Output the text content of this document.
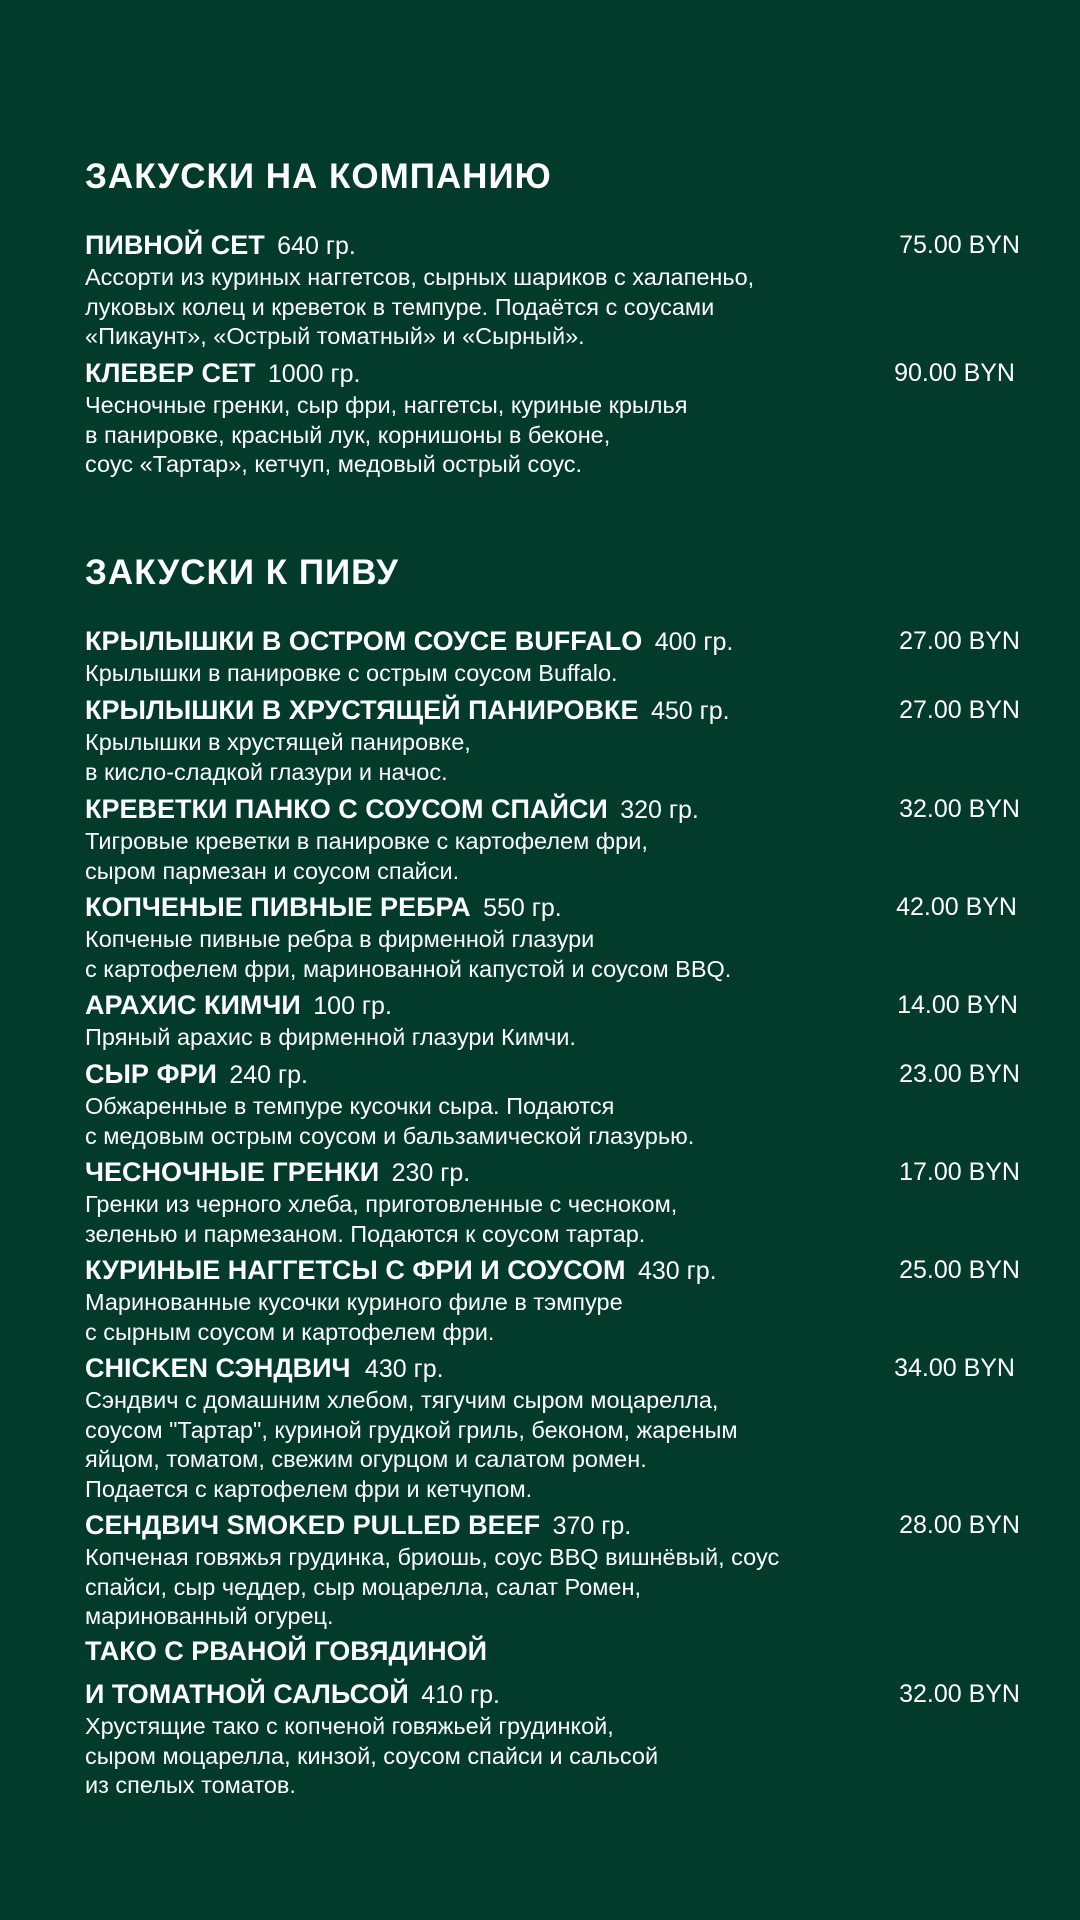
ЗАКУСКИ НА КОМПАНИЮ
ПИВНОЙ СЕТ 640 гр.	75.00 BYN
Ассорти из куриных наггетсов, сырных шариков с халапеньо,
луковых колец и креветок в темпуре. Подаётся с соусами
«Пикаунт», «Острый томатный» и «Сырный».
КЛЕВЕР СЕТ 1000 гр.	90.00 BYN
Чесночные гренки, сыр фри, наггетсы, куриные крылья
в панировке, красный лук, корнишоны в беконе,
соус «Тартар», кетчуп, медовый острый соус.
ЗАКУСКИ К ПИВУ
КРЫЛЫШКИ В ОСТРОМ СОУСЕ BUFFALO 400 гр.	27.00 BYN
Крылышки в панировке с острым соусом Buffalo.
КРЫЛЫШКИ В ХРУСТЯЩЕЙ ПАНИРОВКЕ 450 гр.	27.00 BYN
Крылышки в хрустящей панировке,
в кисло-сладкой глазури и начос.
КРЕВЕТКИ ПАНКО С СОУСОМ СПАЙСИ 320 гр.	32.00 BYN
Тигровые креветки в панировке с картофелем фри,
сыром пармезан и соусом спайси.
КОПЧЕНЫЕ ПИВНЫЕ РЕБРА 550 гр.	42.00 BYN
Копченые пивные ребра в фирменной глазури
с картофелем фри, маринованной капустой и соусом BBQ.
АРАХИС КИМЧИ 100 гр.	14.00 BYN
Пряный арахис в фирменной глазури Кимчи.
СЫР ФРИ 240 гр.	23.00 BYN
Обжаренные в темпуре кусочки сыра. Подаются
с медовым острым соусом и бальзамической глазурью.
ЧЕСНОЧНЫЕ ГРЕНКИ 230 гр.	17.00 BYN
Гренки из черного хлеба, приготовленные с чесноком,
зеленью и пармезаном. Подаются к соусом тартар.
КУРИНЫЕ НАГГЕТСЫ С ФРИ И СОУСОМ 430 гр.	25.00 BYN
Маринованные кусочки куриного филе в тэмпуре
с сырным соусом и картофелем фри.
CHICKEN СЭНДВИЧ 430 гр.	34.00 BYN
Сэндвич с домашним хлебом, тягучим сыром моцарелла,
соусом "Тартар", куриной грудкой гриль, беконом, жареным
яйцом, томатом, свежим огурцом и салатом ромен.
Подается с картофелем фри и кетчупом.
СЕНДВИЧ SMOKED PULLED BEEF 370 гр.	28.00 BYN
Копченая говяжья грудинка, бриошь, соус BBQ вишнёвый, соус
спайси, сыр чеддер, сыр моцарелла, салат Ромен,
маринованный огурец.
ТАКО С РВАНОЙ ГОВЯДИНОЙ
И ТОМАТНОЙ САЛЬСОЙ 410 гр.	32.00 BYN
Хрустящие тако с копченой говяжьей грудинкой,
сыром моцарелла, кинзой, соусом спайси и сальсой
из спелых томатов.
